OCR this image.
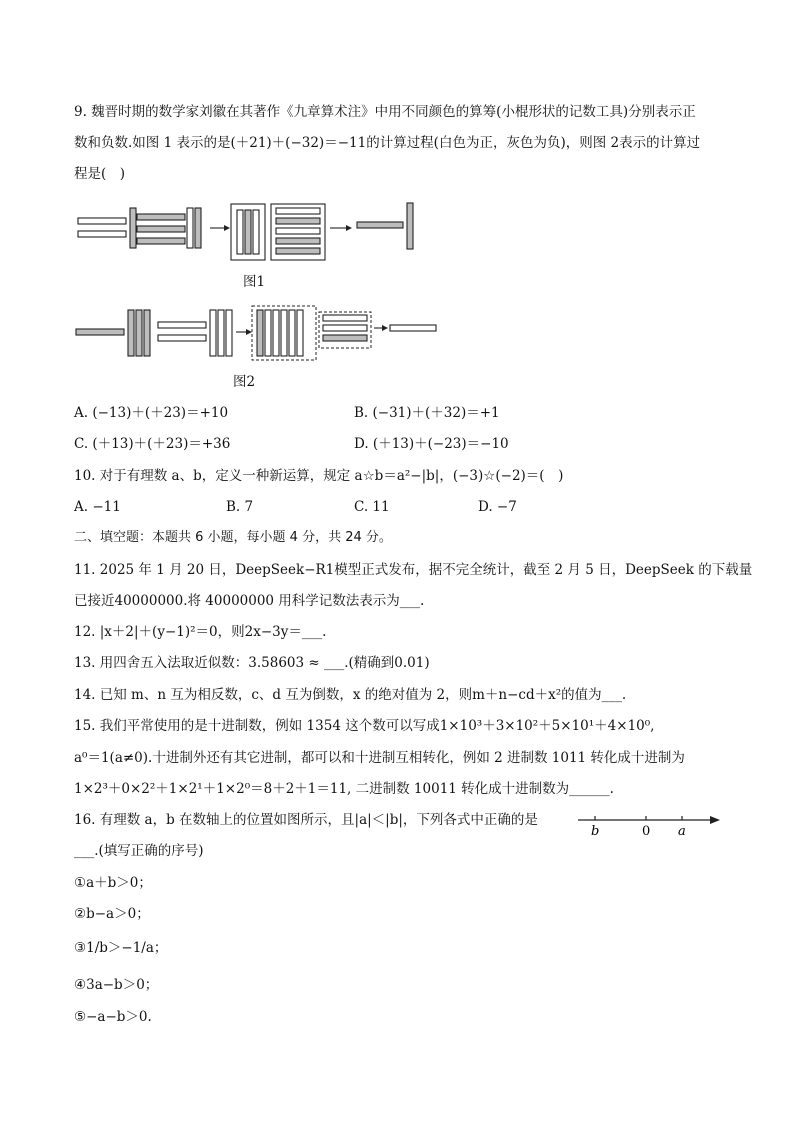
9. 魏晋时期的数学家刘徽在其著作《九章算术注》中用不同颜色的算筹(小棍形状的记数工具)分别表示正
数和负数.如图 1 表示的是(＋21)＋(−32)＝−11的计算过程(白色为正，灰色为负)，则图 2表示的计算过
程是(　)
图1
图2
A. (−13)＋(＋23)＝+10	B. (−31)＋(＋32)＝+1
C. (＋13)＋(＋23)＝+36	D. (＋13)＋(−23)＝−10
10. 对于有理数 a、b，定义一种新运算，规定 a☆b＝a²−|b|，(−3)☆(−2)＝(　)
A. −11	B. 7	C. 11	D. −7
二、填空题：本题共 6 小题，每小题 4 分，共 24 分。
11. 2025 年 1 月 20 日，DeepSeek−R1模型正式发布，据不完全统计，截至 2 月 5 日，DeepSeek 的下载量
已接近40000000.将 40000000 用科学记数法表示为___.
12. |x＋2|＋(y−1)²＝0，则2x−3y＝___.
13. 用四舍五入法取近似数：3.58603 ≈ ___.(精确到0.01)
14. 已知 m、n 互为相反数，c、d 互为倒数，x 的绝对值为 2，则m＋n−cd＋x²的值为___.
15. 我们平常使用的是十进制数，例如 1354 这个数可以写成1×10³＋3×10²＋5×10¹＋4×10⁰,
a⁰＝1(a≠0).十进制外还有其它进制，都可以和十进制互相转化，例如 2 进制数 1011 转化成十进制为
1×2³＋0×2²＋1×2¹＋1×2⁰＝8＋2＋1＝11, 二进制数 10011 转化成十进制数为______.
16. 有理数 a，b 在数轴上的位置如图所示，且|a|＜|b|，下列各式中正确的是
___.(填写正确的序号)
b	0 a
①a＋b＞0；
②b−a＞0；
③1/b＞−1/a；
④3a−b＞0；
⑤−a−b＞0.
